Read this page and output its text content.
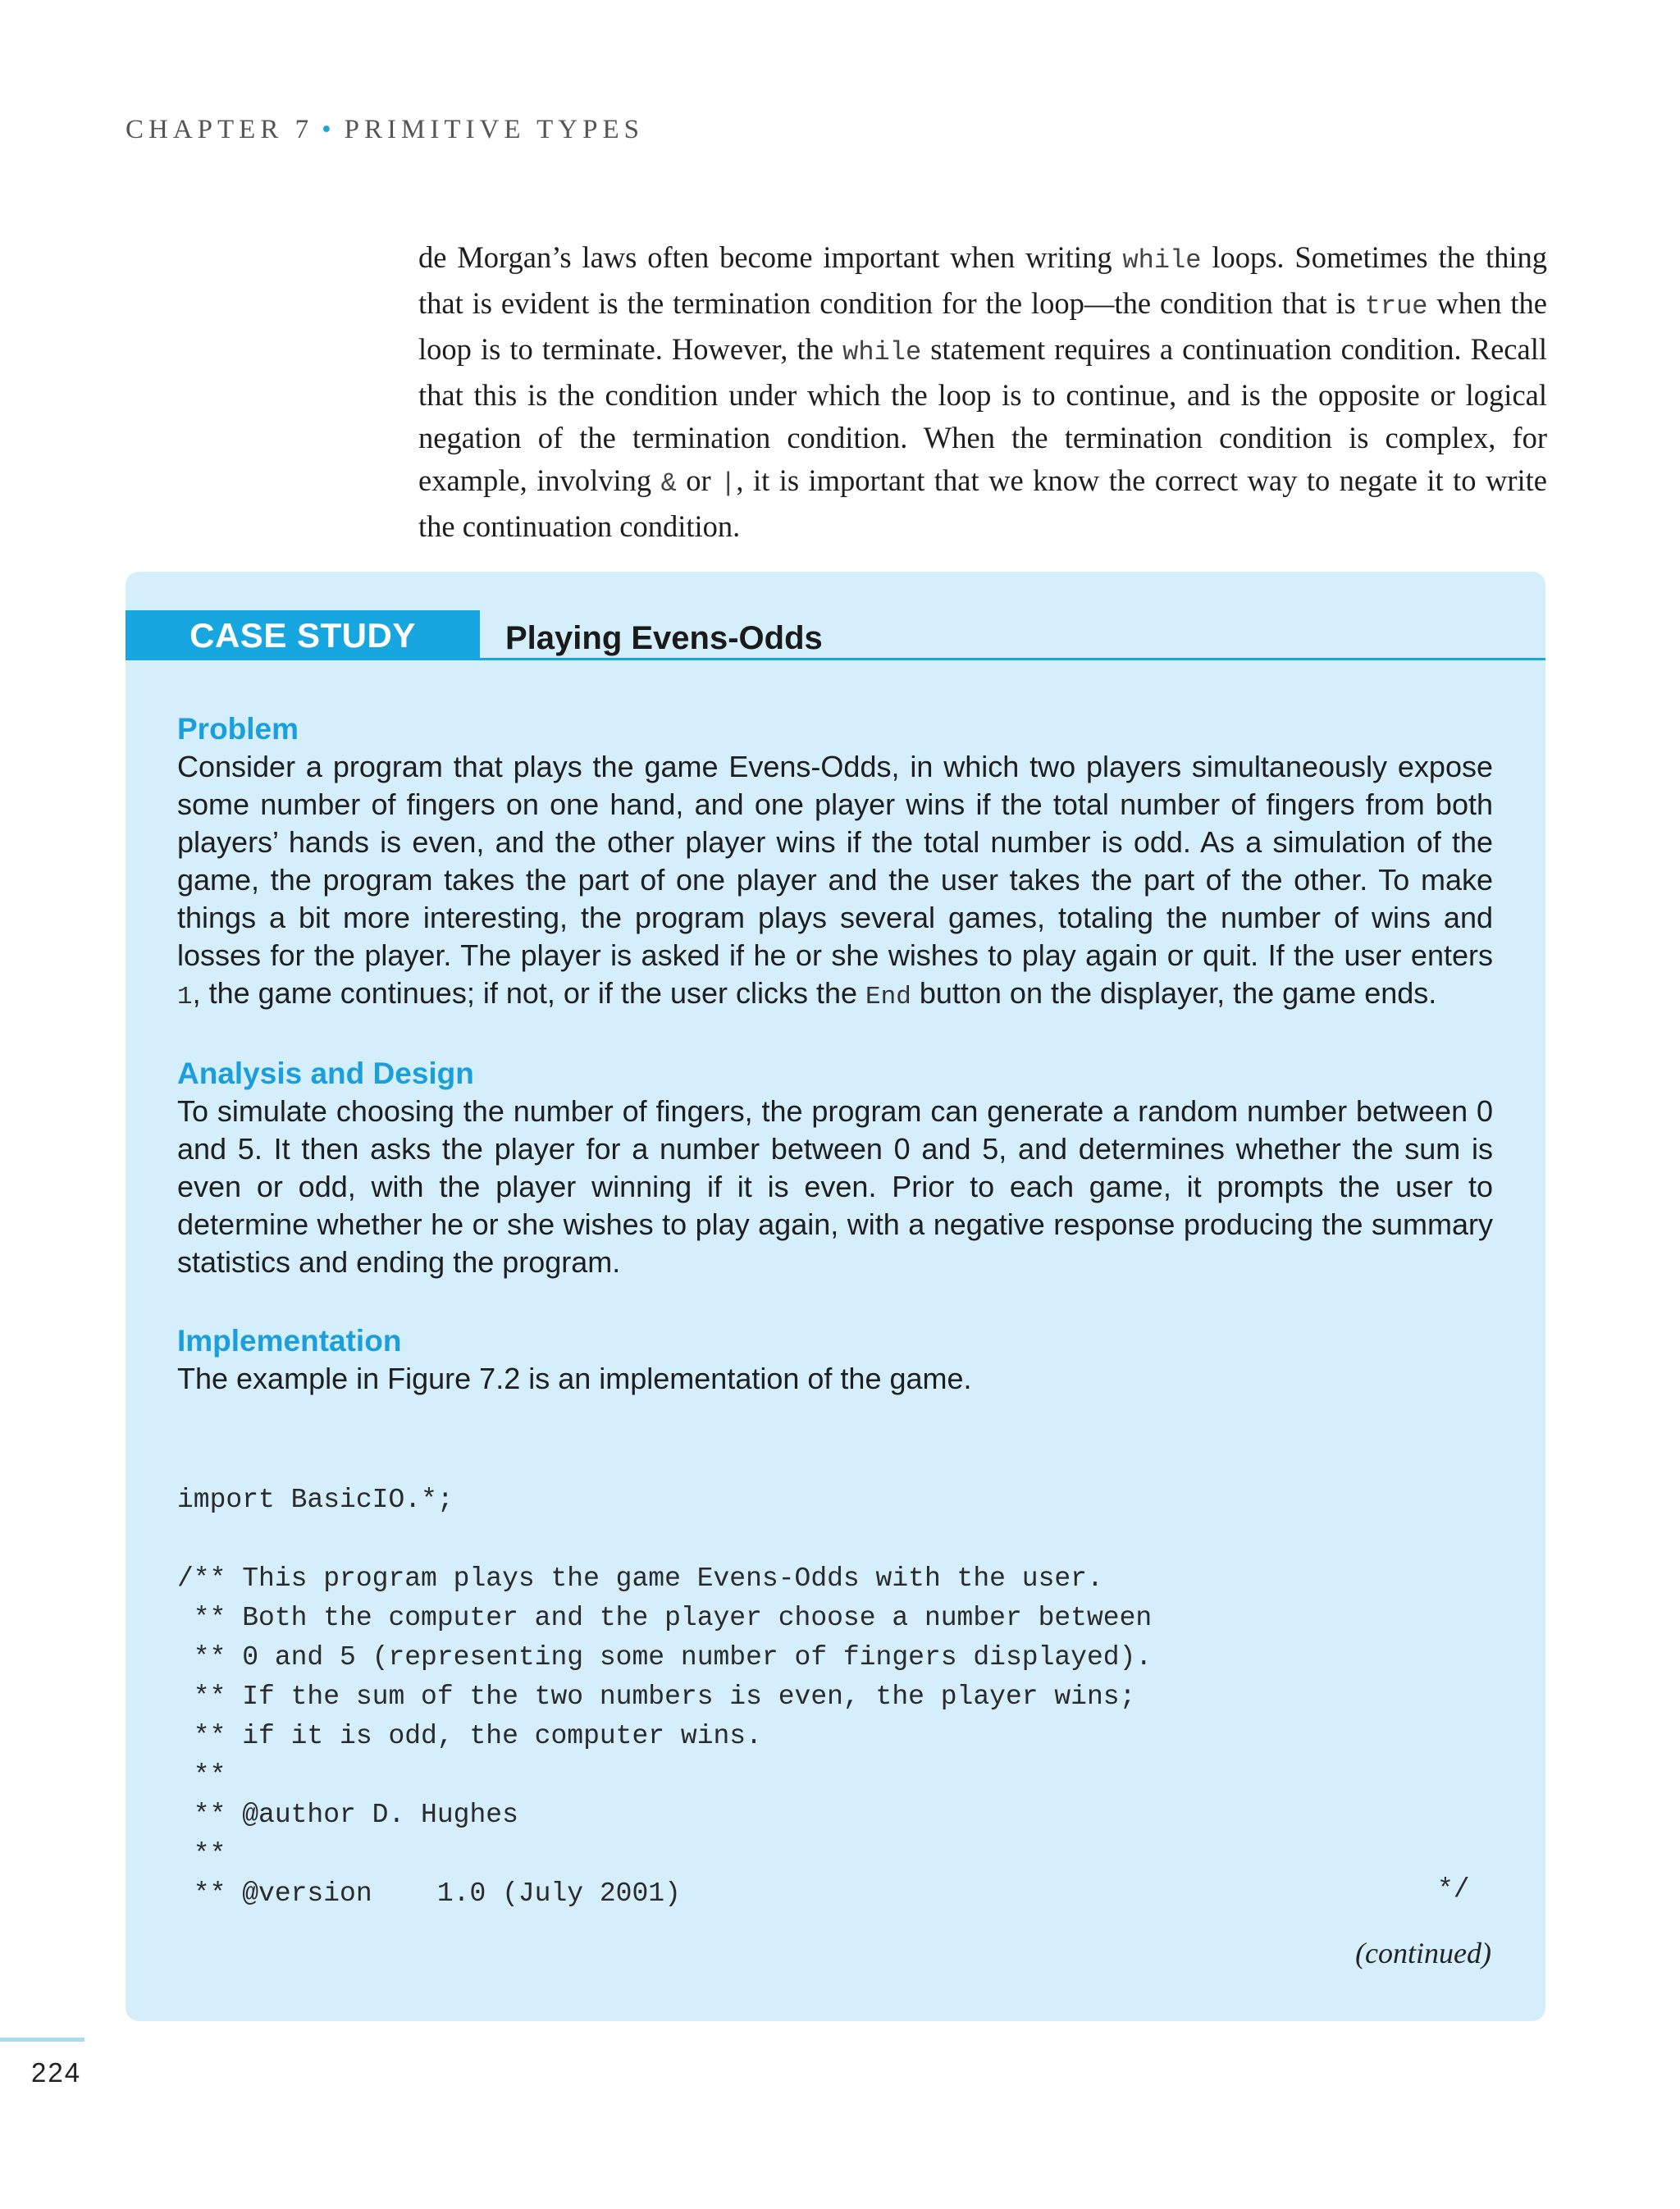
CHAPTER 7 • PRIMITIVE TYPES

de Morgan’s laws often become important when writing while loops. Sometimes the thing that is evident is the termination condition for the loop—the condition that is true when the loop is to terminate. However, the while statement requires a continuation condition. Recall that this is the condition under which the loop is to continue, and is the opposite or logical negation of the termination condition. When the termination condition is complex, for example, involving & or |, it is important that we know the correct way to negate it to write the continuation condition.

CASE STUDY	Playing Evens-Odds
Problem

Consider a program that plays the game Evens-Odds, in which two players simultaneously expose some number of fingers on one hand, and one player wins if the total number of fingers from both players’ hands is even, and the other player wins if the total number is odd. As a simulation of the game, the program takes the part of one player and the user takes the part of the other. To make things a bit more interesting, the program plays several games, totaling the number of wins and losses for the player. The player is asked if he or she wishes to play again or quit. If the user enters 1, the game continues; if not, or if the user clicks the End button on the displayer, the game ends.

Analysis and Design

To simulate choosing the number of fingers, the program can generate a random number between 0 and 5. It then asks the player for a number between 0 and 5, and determines whether the sum is even or odd, with the player winning if it is even. Prior to each game, it prompts the user to determine whether he or she wishes to play again, with a negative response producing the summary statistics and ending the program.

Implementation

The example in Figure 7.2 is an implementation of the game.

import BasicIO.*;

/** This program plays the game Evens-Odds with the user.
** Both the computer and the player choose a number between
** 0 and 5 (representing some number of fingers displayed).
** If the sum of the two numbers is even, the player wins;
** if it is odd, the computer wins.
**
** @author D. Hughes
**
** @version    1.0 (July 2001)	*/
(continued)
224
